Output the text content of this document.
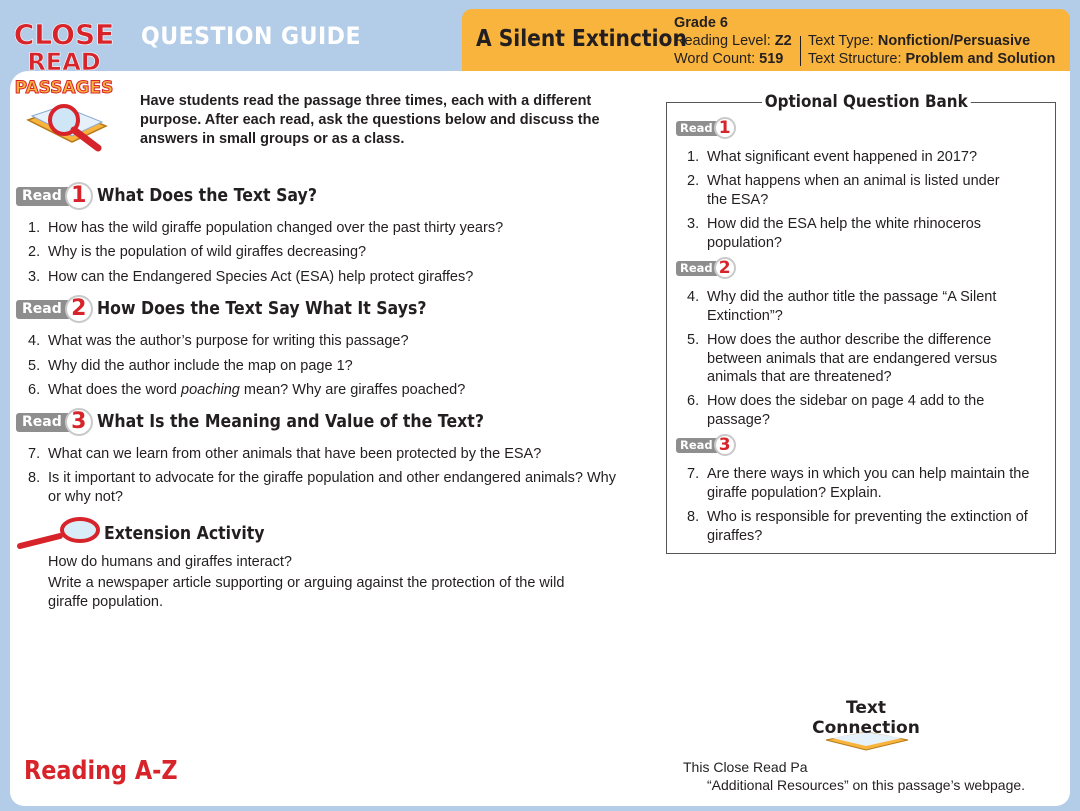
QUESTION GUIDE	A Silent Extinction
Grade 6
Reading Level: Z2
Word Count: 519
Text Type: Nonfiction/Persuasive
Text Structure: Problem and Solution
CLOSE
READ
PASSAGES
Have students read the passage three times, each with a different purpose. After each read, ask the questions below and discuss the answers in small groups or as a class.
Read 1 What Does the Text Say?
1. How has the wild giraffe population changed over the past thirty years?
2. Why is the population of wild giraffes decreasing?
3. How can the Endangered Species Act (ESA) help protect giraffes?
Read 2 How Does the Text Say What It Says?
4. What was the author’s purpose for writing this passage?
5. Why did the author include the map on page 1?
6. What does the word poaching mean? Why are giraffes poached?
Read 3 What Is the Meaning and Value of the Text?
7. What can we learn from other animals that have been protected by the ESA?
8. Is it important to advocate for the giraffe population and other endangered animals? Why or why not?
Extension Activity
How do humans and giraffes interact?
Write a newspaper article supporting or arguing against the protection of the wild giraffe population.
Optional Question Bank
Read 1
1. What significant event happened in 2017?
2. What happens when an animal is listed under the ESA?
3. How did the ESA help the white rhinoceros population?
Read 2
4. Why did the author title the passage “A Silent Extinction”?
5. How does the author describe the difference between animals that are endangered versus animals that are threatened?
6. How does the sidebar on page 4 add to the passage?
Read 3
7. Are there ways in which you can help maintain the giraffe population? Explain.
8. Who is responsible for preventing the extinction of giraffes?
Reading A-Z
Text
Connection
This Close Read Pa
“Additional Resources” on this passage’s webpage.
